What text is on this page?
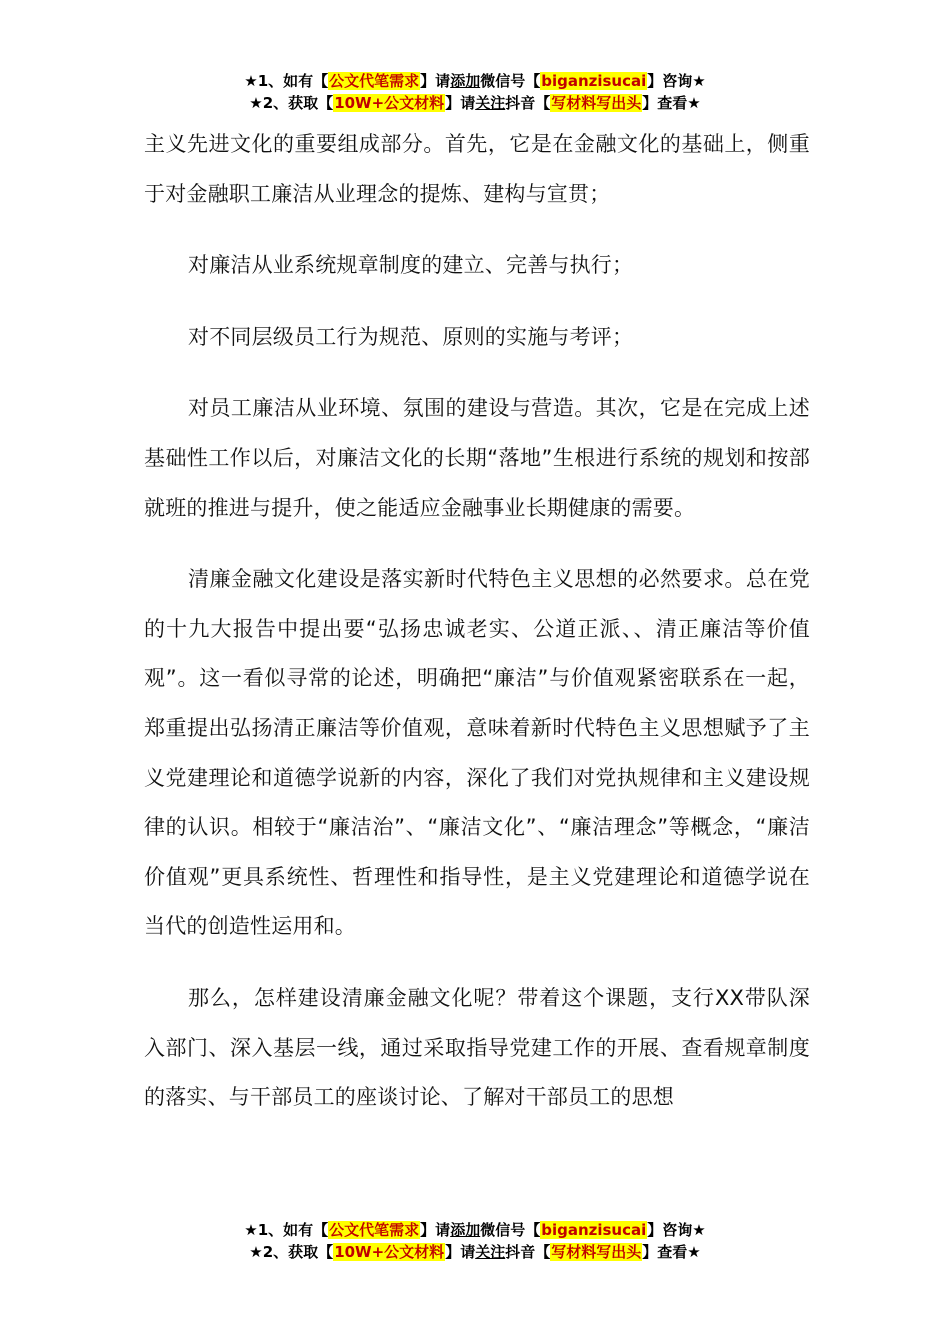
★1、如有【公文代笔需求】请添加微信号【biganzisucai】咨询★
★2、获取【10W+公文材料】请关注抖音【写材料写出头】查看★

主义先进文化的重要组成部分。首先，它是在金融文化的基础上，侧重于对金融职工廉洁从业理念的提炼、建构与宣贯；

对廉洁从业系统规章制度的建立、完善与执行；

对不同层级员工行为规范、原则的实施与考评；

对员工廉洁从业环境、氛围的建设与营造。其次，它是在完成上述基础性工作以后，对廉洁文化的长期“落地”生根进行系统的规划和按部就班的推进与提升，使之能适应金融事业长期健康的需要。

清廉金融文化建设是落实新时代特色主义思想的必然要求。总在党的十九大报告中提出要“弘扬忠诚老实、公道正派、、清正廉洁等价值观”。这一看似寻常的论述，明确把“廉洁”与价值观紧密联系在一起，郑重提出弘扬清正廉洁等价值观，意味着新时代特色主义思想赋予了主义党建理论和道德学说新的内容，深化了我们对党执规律和主义建设规律的认识。相较于“廉洁治”、“廉洁文化”、“廉洁理念”等概念，“廉洁价值观”更具系统性、哲理性和指导性，是主义党建理论和道德学说在当代的创造性运用和。

那么，怎样建设清廉金融文化呢？带着这个课题，支行XX带队深入部门、深入基层一线，通过采取指导党建工作的开展、查看规章制度的落实、与干部员工的座谈讨论、了解对干部员工的思想

★1、如有【公文代笔需求】请添加微信号【biganzisucai】咨询★
★2、获取【10W+公文材料】请关注抖音【写材料写出头】查看★
